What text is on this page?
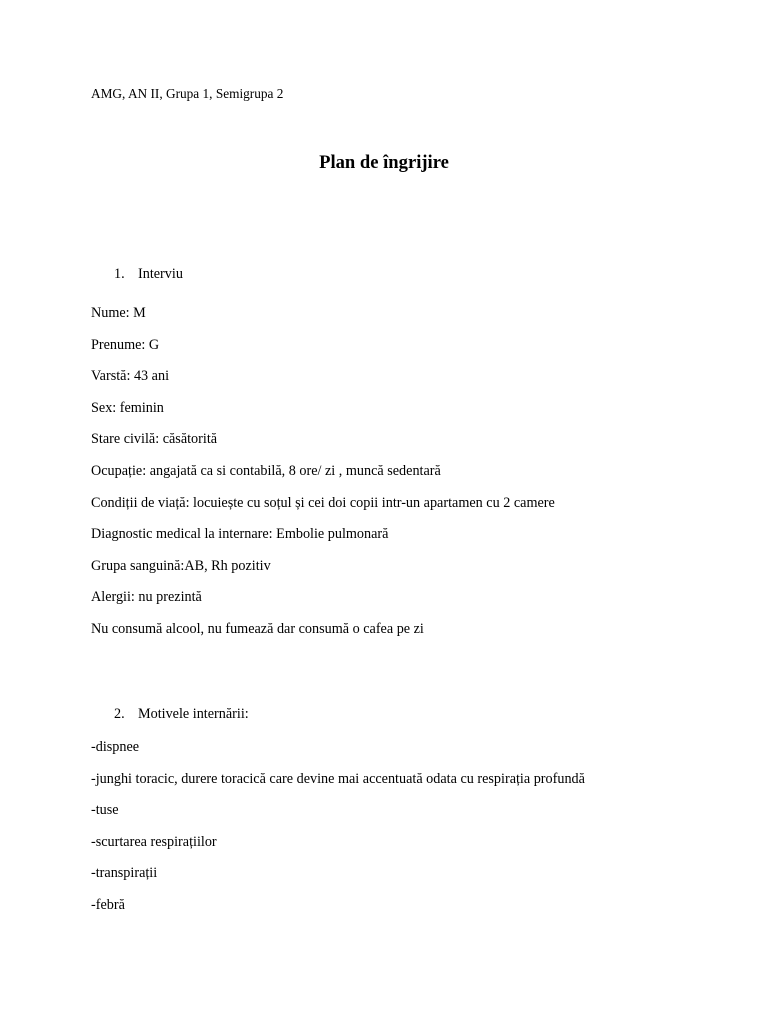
AMG, AN II, Grupa 1, Semigrupa 2
Plan de îngrijire
1. Interviu
Nume: M
Prenume: G
Varstă: 43 ani
Sex: feminin
Stare civilă: căsătorită
Ocupație: angajată ca si contabilă, 8 ore/ zi , muncă sedentară
Condiții de viață: locuiește cu soțul și cei doi copii intr-un apartamen cu 2 camere
Diagnostic medical la internare: Embolie pulmonară
Grupa sanguină:AB, Rh pozitiv
Alergii: nu prezintă
Nu consumă alcool, nu fumează dar consumă o cafea pe zi
2. Motivele internării:
-dispnee
-junghi toracic, durere toracică care devine mai accentuată odata cu respirația profundă
-tuse
-scurtarea respirațiilor
-transpirații
-febră
